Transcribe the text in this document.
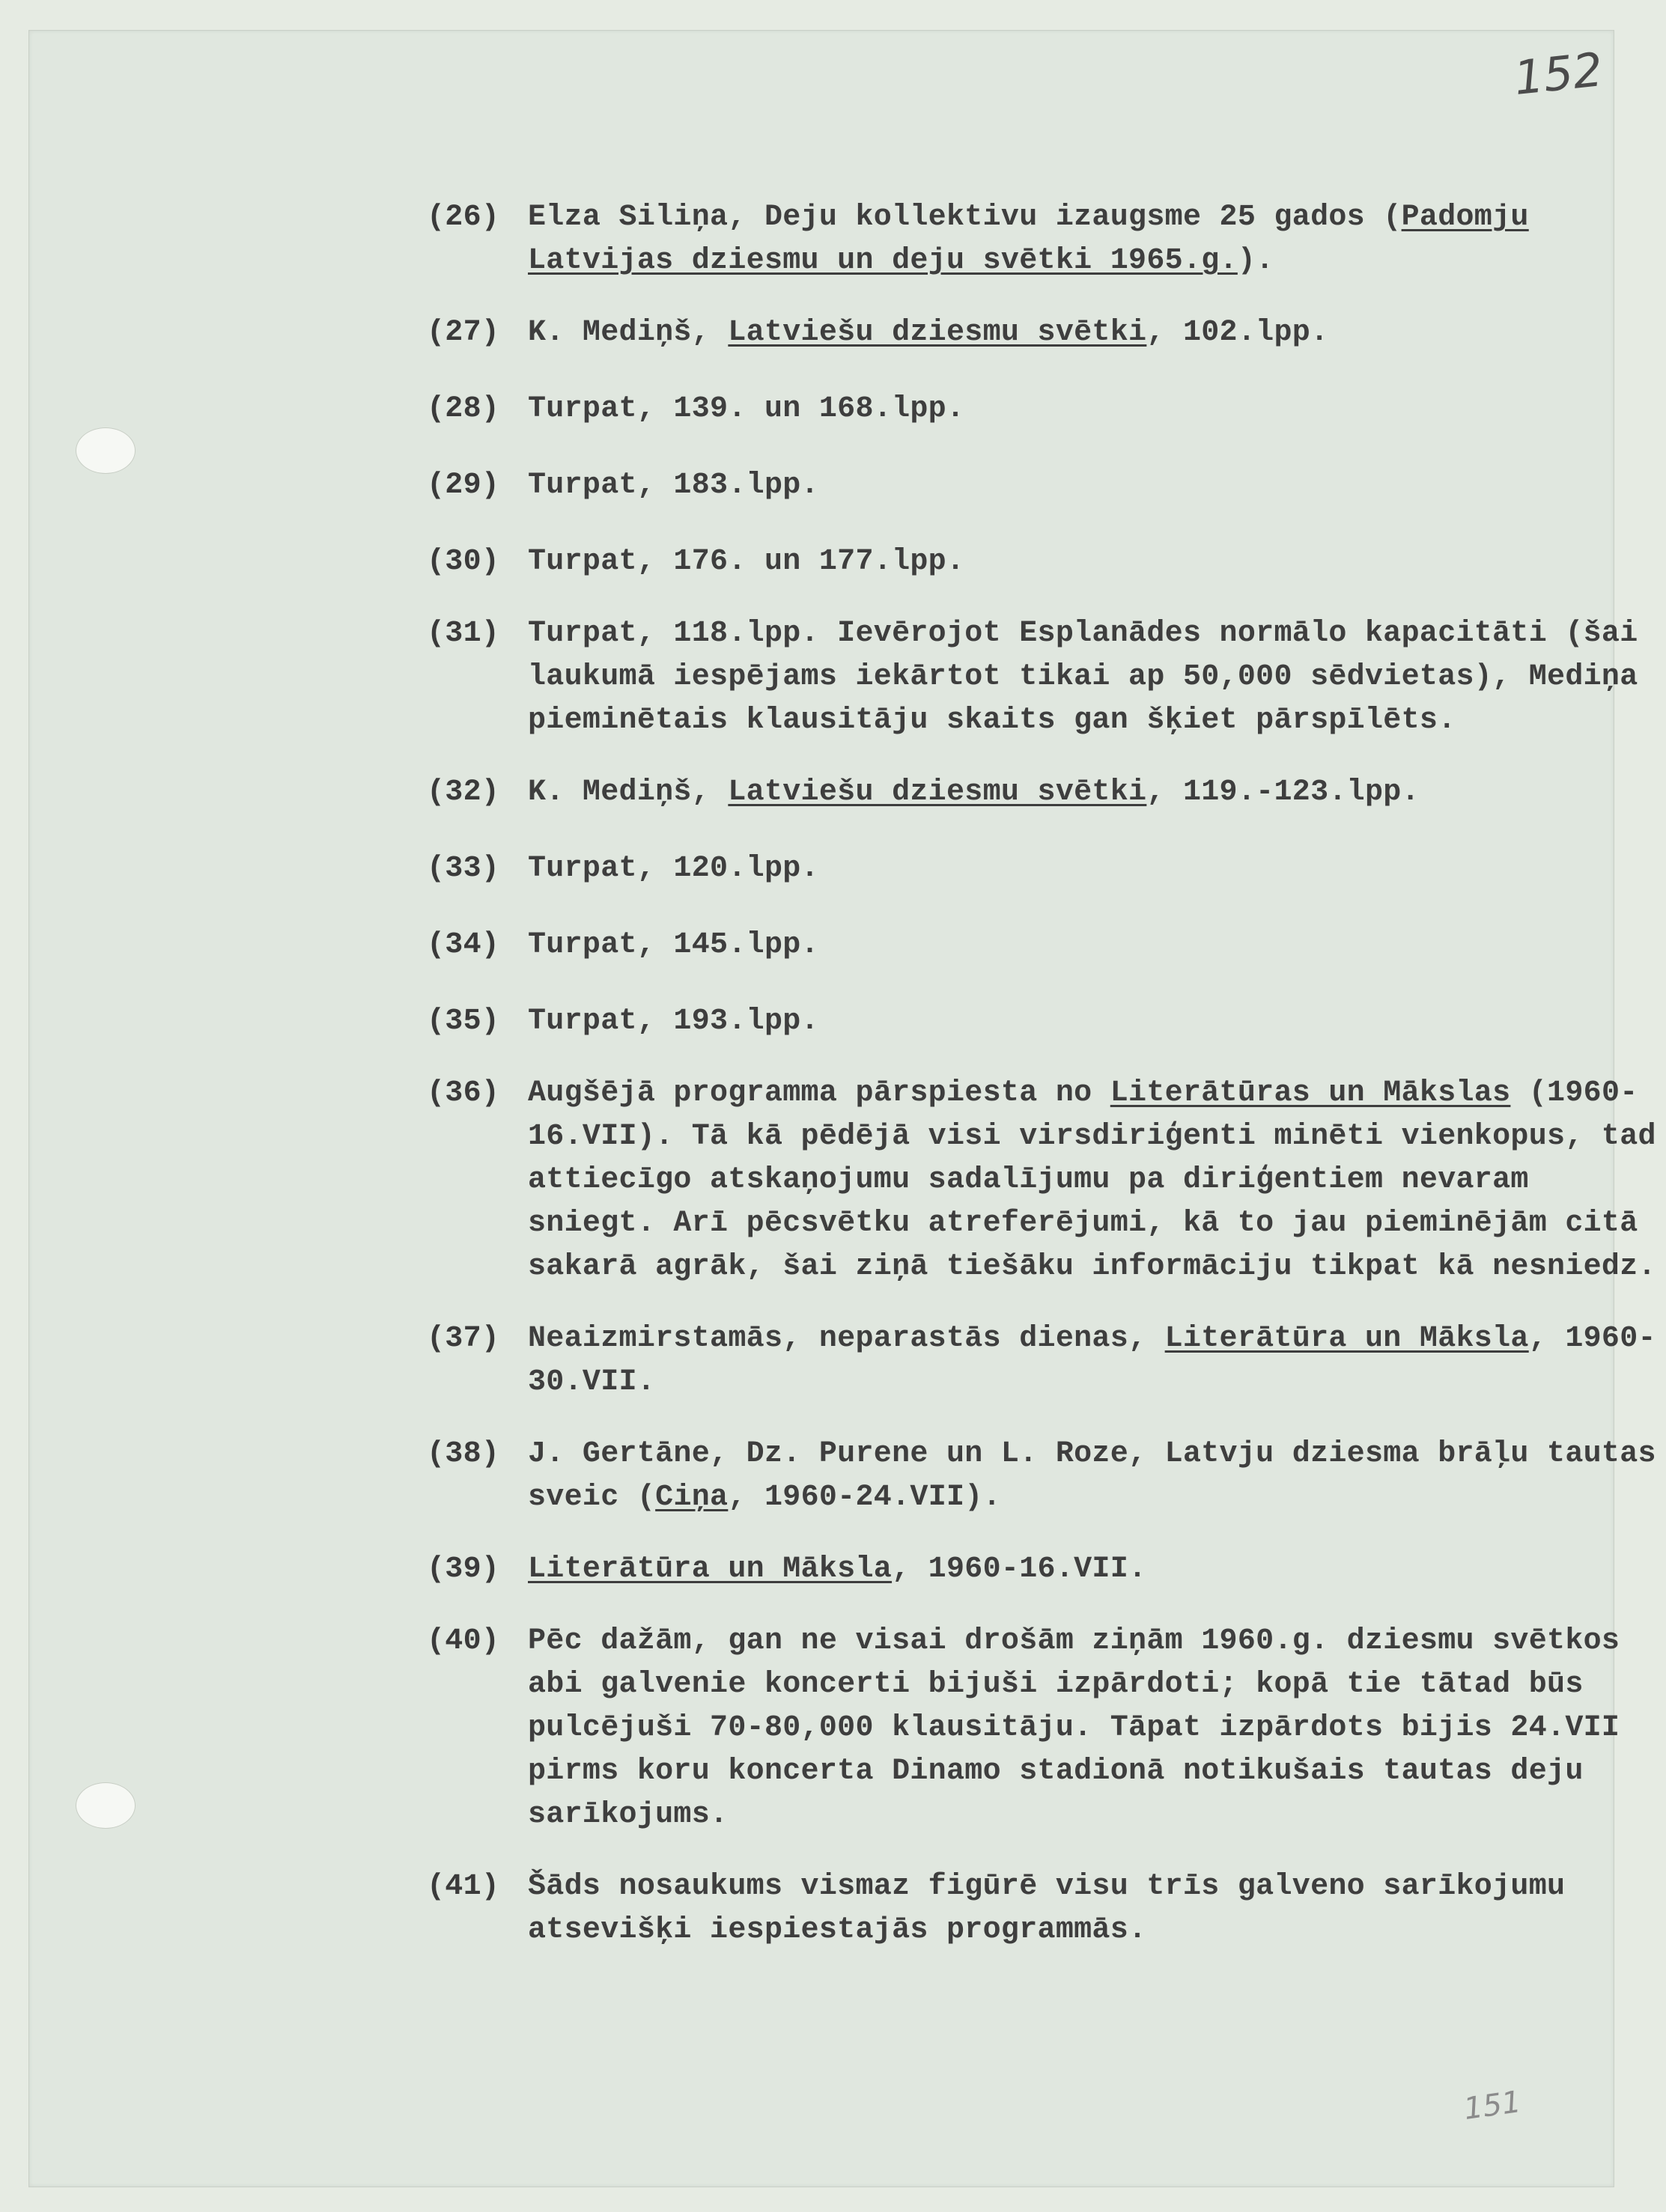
152
151
(26) Elza Siliņa, Deju kollektivu izaugsme 25 gados (Padomju Latvijas dziesmu un deju svētki 1965.g.).
(27) K. Mediņš, Latviešu dziesmu svētki, 102.lpp.
(28) Turpat, 139. un 168.lpp.
(29) Turpat, 183.lpp.
(30) Turpat, 176. un 177.lpp.
(31) Turpat, 118.lpp. Ievērojot Esplanādes normālo kapacitāti (šai laukumā iespējams iekārtot tikai ap 50,000 sēdvietas), Mediņa pieminētais klausitāju skaits gan šķiet pārspīlēts.
(32) K. Mediņš, Latviešu dziesmu svētki, 119.-123.lpp.
(33) Turpat, 120.lpp.
(34) Turpat, 145.lpp.
(35) Turpat, 193.lpp.
(36) Augšējā programma pārspiesta no Literātūras un Mākslas (1960-16.VII). Tā kā pēdējā visi virsdiriģenti minēti vienkopus, tad attiecīgo atskaņojumu sadalījumu pa diriģentiem nevaram sniegt. Arī pēcsvētku atreferējumi, kā to jau pieminējām citā sakarā agrāk, šai ziņā tiešāku informāciju tikpat kā nesniedz.
(37) Neaizmirstamās, neparastās dienas, Literātūra un Māksla, 1960-30.VII.
(38) J. Gertāne, Dz. Purene un L. Roze, Latvju dziesma brāļu tautas sveic (Ciņa, 1960-24.VII).
(39) Literātūra un Māksla, 1960-16.VII.
(40) Pēc dažām, gan ne visai drošām ziņām 1960.g. dziesmu svētkos abi galvenie koncerti bijuši izpārdoti; kopā tie tātad būs pulcējuši 70-80,000 klausitāju. Tāpat izpārdots bijis 24.VII pirms koru koncerta Dinamo stadionā notikušais tautas deju sarīkojums.
(41) Šāds nosaukums vismaz figūrē visu trīs galveno sarīkojumu atsevišķi iespiestajās programmās.
